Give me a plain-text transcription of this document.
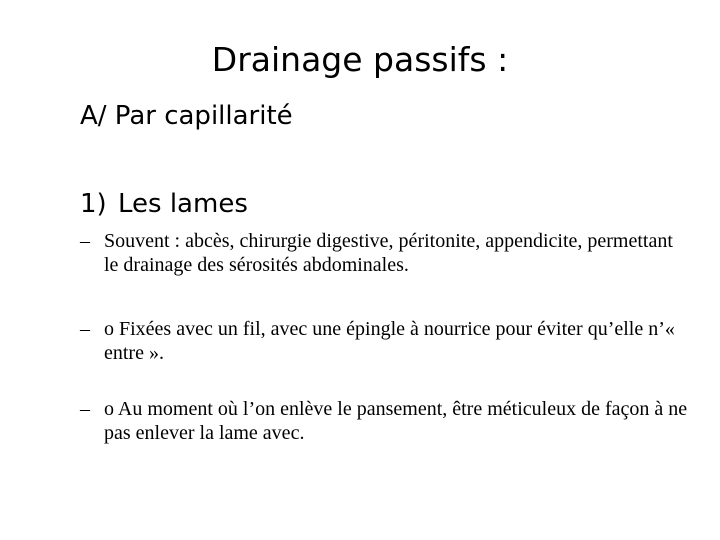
Drainage passifs :
A/ Par capillarité
1) Les lames
– Souvent : abcès, chirurgie digestive, péritonite, appendicite, permettant le drainage des sérosités abdominales.
– o Fixées avec un fil, avec une épingle à nourrice pour éviter qu’elle n’« entre ».
– o Au moment où l’on enlève le pansement, être méticuleux de façon à ne pas enlever la lame avec.
